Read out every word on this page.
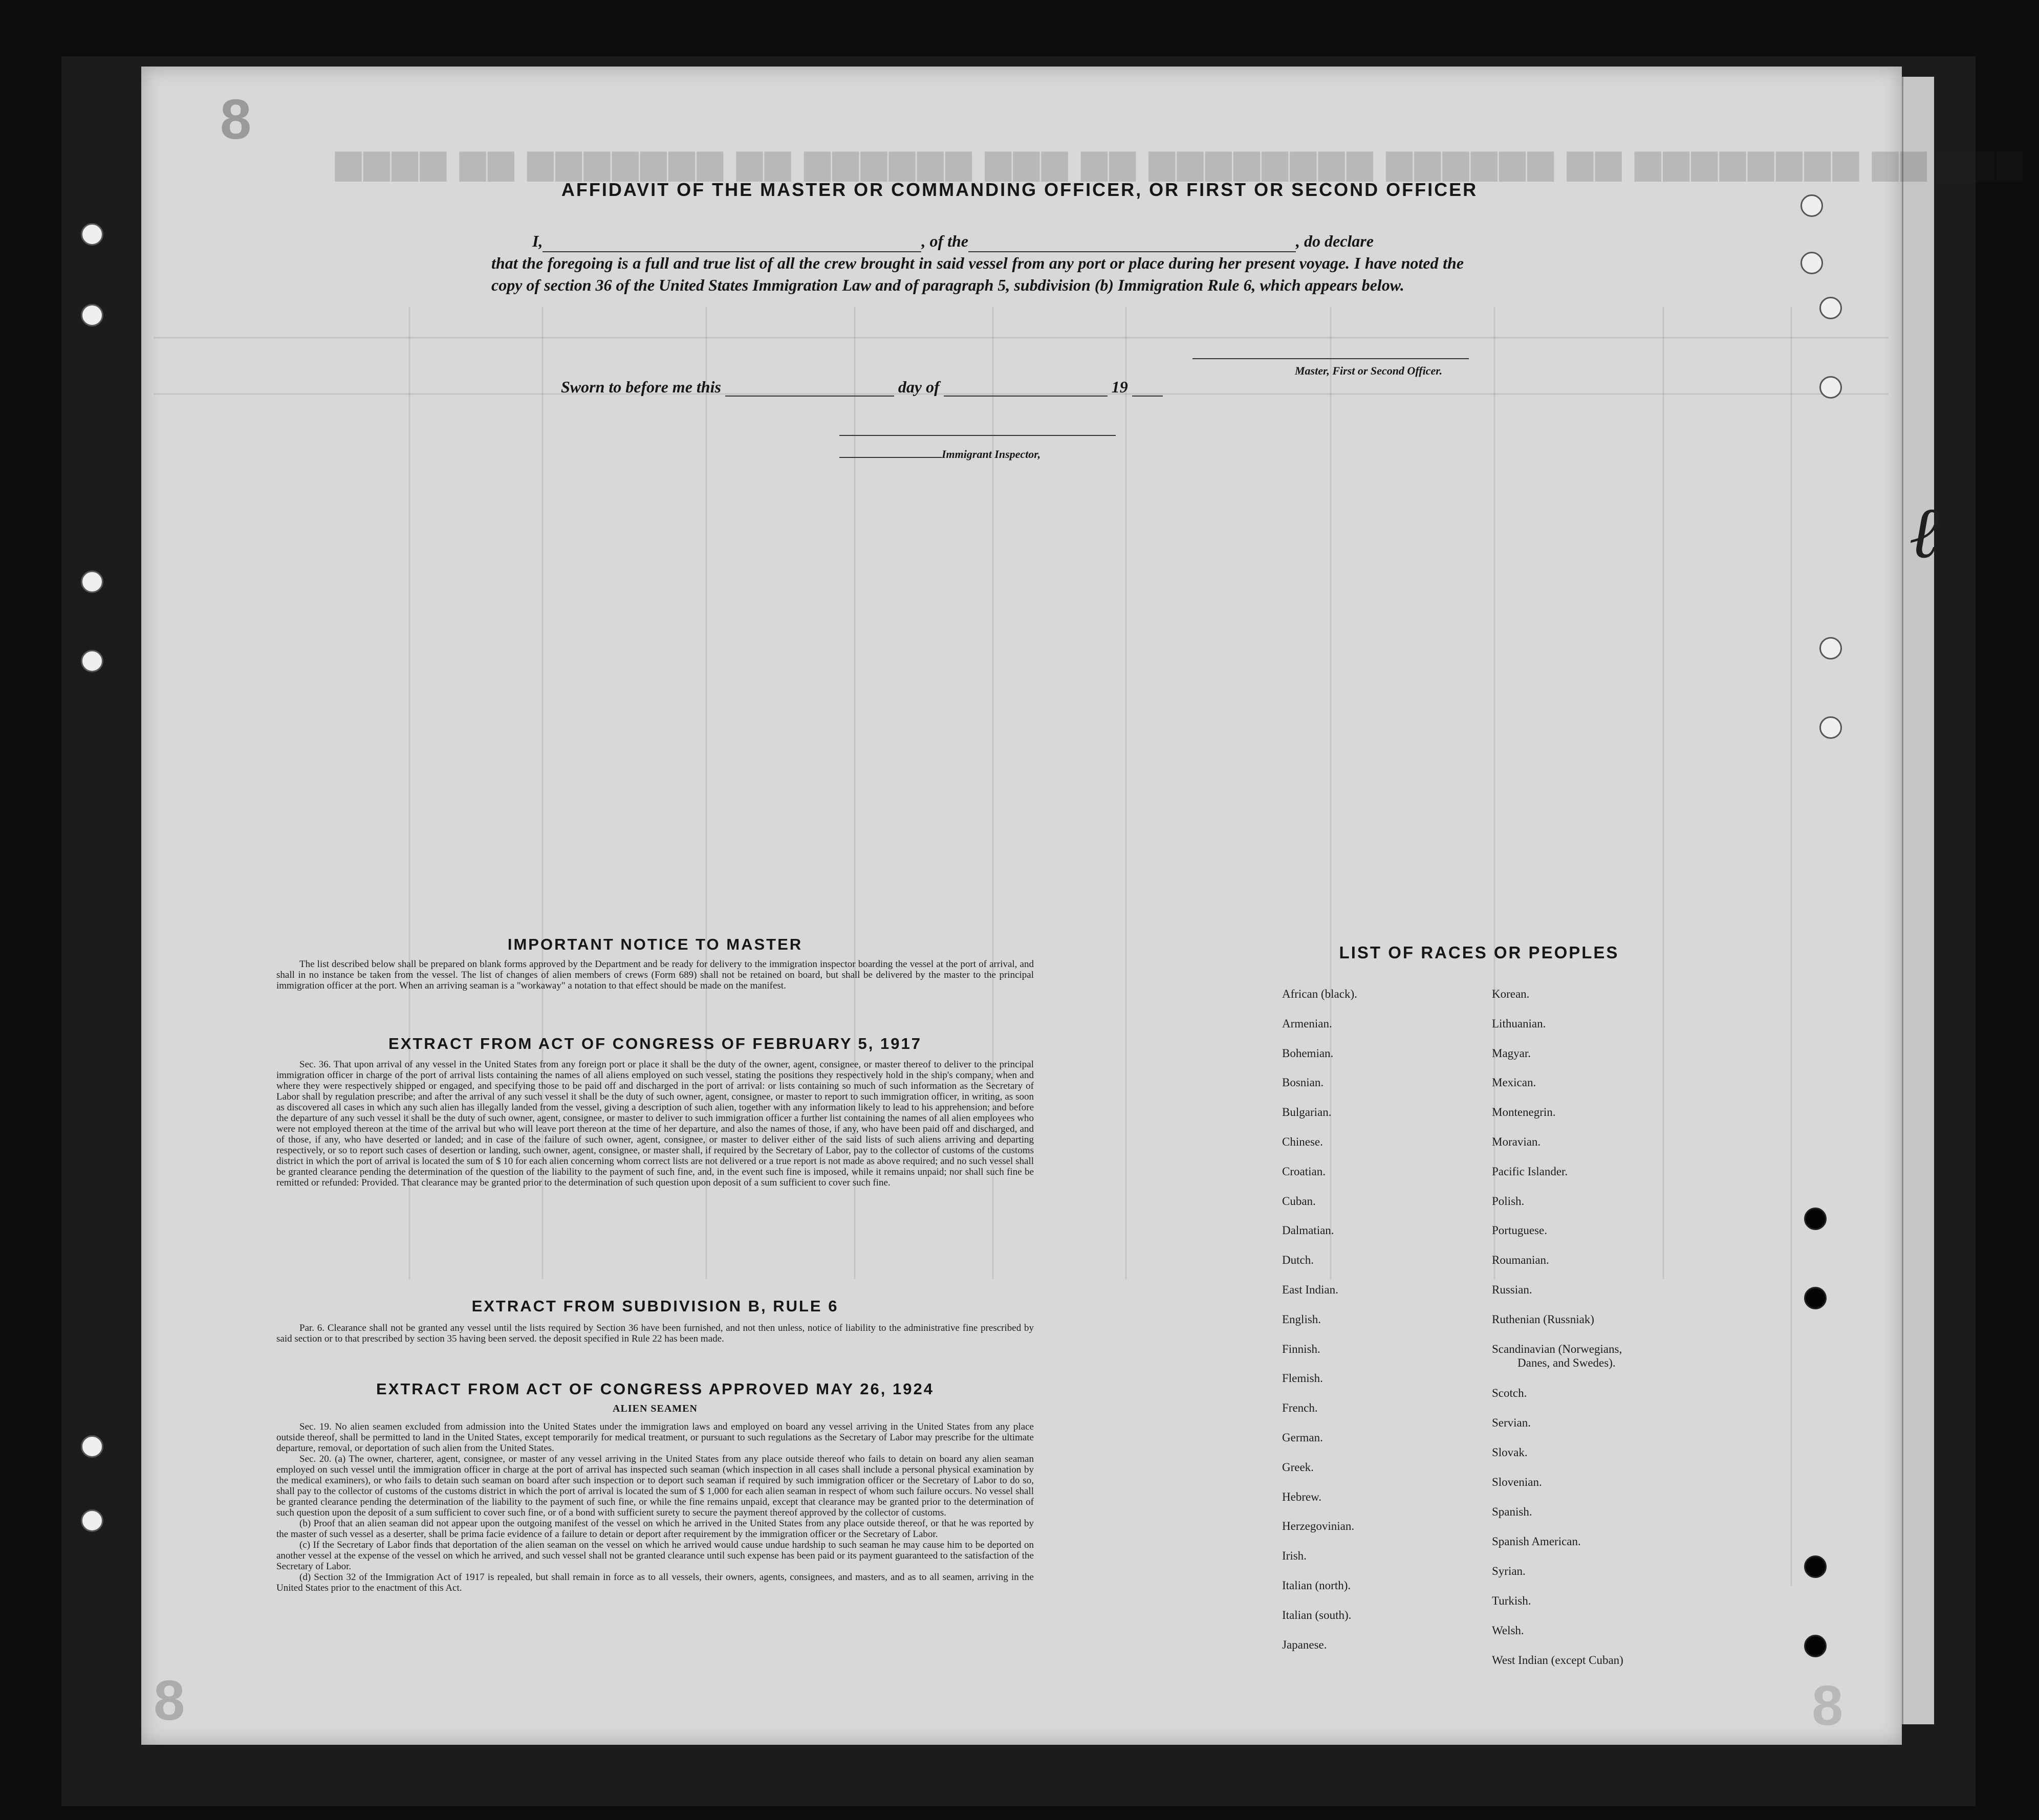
▆▆▆ ▆▆ ▆▆▆▆▆▆▆▆ ▆▆ ▆▆▆▆▆▆ ▆▆▆▆▆▆▆▆ ▆▆ ▆▆▆ ▆▆▆▆▆▆ ▆▆ ▆▆▆▆▆▆▆ ▆▆ ▆▆▆▆
8
8	8
ℓ
AFFIDAVIT OF THE MASTER OR COMMANDING OFFICER, OR FIRST OR SECOND OFFICER
I,	, of the	, do declare
that the foregoing is a full and true list of all the crew brought in said vessel from any port or place during her present voyage. I have noted the copy of section 36 of the United States Immigration Law and of paragraph 5, subdivision (b) Immigration Rule 6, which appears below.
Master, First or Second Officer.
Sworn to before me this	day of	19
Immigrant Inspector,
IMPORTANT NOTICE TO MASTER

The list described below shall be prepared on blank forms approved by the Department and be ready for delivery to the immigration inspector boarding the vessel at the port of arrival, and shall in no instance be taken from the vessel. The list of changes of alien members of crews (Form 689) shall not be retained on board, but shall be delivered by the master to the principal immigration officer at the port. When an arriving seaman is a "workaway" a notation to that effect should be made on the manifest.

EXTRACT FROM ACT OF CONGRESS OF FEBRUARY 5, 1917

Sec. 36. That upon arrival of any vessel in the United States from any foreign port or place it shall be the duty of the owner, agent, consignee, or master thereof to deliver to the principal immigration officer in charge of the port of arrival lists containing the names of all aliens employed on such vessel, stating the positions they respectively hold in the ship's company, when and where they were respectively shipped or engaged, and specifying those to be paid off and discharged in the port of arrival: or lists containing so much of such information as the Secretary of Labor shall by regulation prescribe; and after the arrival of any such vessel it shall be the duty of such owner, agent, consignee, or master to report to such immigration officer, in writing, as soon as discovered all cases in which any such alien has illegally landed from the vessel, giving a description of such alien, together with any information likely to lead to his apprehension; and before the departure of any such vessel it shall be the duty of such owner, agent, consignee, or master to deliver to such immigration officer a further list containing the names of all alien employees who were not employed thereon at the time of the arrival but who will leave port thereon at the time of her departure, and also the names of those, if any, who have been paid off and discharged, and of those, if any, who have deserted or landed; and in case of the failure of such owner, agent, consignee, or master to deliver either of the said lists of such aliens arriving and departing respectively, or so to report such cases of desertion or landing, such owner, agent, consignee, or master shall, if required by the Secretary of Labor, pay to the collector of customs of the customs district in which the port of arrival is located the sum of $ 10 for each alien concerning whom correct lists are not delivered or a true report is not made as above required; and no such vessel shall be granted clearance pending the determination of the question of the liability to the payment of such fine, and, in the event such fine is imposed, while it remains unpaid; nor shall such fine be remitted or refunded: Provided. That clearance may be granted prior to the determination of such question upon deposit of a sum sufficient to cover such fine.

EXTRACT FROM SUBDIVISION B, RULE 6

Par. 6. Clearance shall not be granted any vessel until the lists required by Section 36 have been furnished, and not then unless, notice of liability to the administrative fine prescribed by said section or to that prescribed by section 35 having been served. the deposit specified in Rule 22 has been made.

EXTRACT FROM ACT OF CONGRESS APPROVED MAY 26, 1924
ALIEN SEAMEN

Sec. 19. No alien seamen excluded from admission into the United States under the immigration laws and employed on board any vessel arriving in the United States from any place outside thereof, shall be permitted to land in the United States, except temporarily for medical treatment, or pursuant to such regulations as the Secretary of Labor may prescribe for the ultimate departure, removal, or deportation of such alien from the United States.

Sec. 20. (a) The owner, charterer, agent, consignee, or master of any vessel arriving in the United States from any place outside thereof who fails to detain on board any alien seaman employed on such vessel until the immigration officer in charge at the port of arrival has inspected such seaman (which inspection in all cases shall include a personal physical examination by the medical examiners), or who fails to detain such seaman on board after such inspection or to deport such seaman if required by such immigration officer or the Secretary of Labor to do so, shall pay to the collector of customs of the customs district in which the port of arrival is located the sum of $ 1,000 for each alien seaman in respect of whom such failure occurs. No vessel shall be granted clearance pending the determination of the liability to the payment of such fine, or while the fine remains unpaid, except that clearance may be granted prior to the determination of such question upon the deposit of a sum sufficient to cover such fine, or of a bond with sufficient surety to secure the payment thereof approved by the collector of customs.

(b) Proof that an alien seaman did not appear upon the outgoing manifest of the vessel on which he arrived in the United States from any place outside thereof, or that he was reported by the master of such vessel as a deserter, shall be prima facie evidence of a failure to detain or deport after requirement by the immigration officer or the Secretary of Labor.

(c) If the Secretary of Labor finds that deportation of the alien seaman on the vessel on which he arrived would cause undue hardship to such seaman he may cause him to be deported on another vessel at the expense of the vessel on which he arrived, and such vessel shall not be granted clearance until such expense has been paid or its payment guaranteed to the satisfaction of the Secretary of Labor.

(d) Section 32 of the Immigration Act of 1917 is repealed, but shall remain in force as to all vessels, their owners, agents, consignees, and masters, and as to all seamen, arriving in the United States prior to the enactment of this Act.

LIST OF RACES OR PEOPLES
African (black).
Armenian.
Bohemian.
Bosnian.
Bulgarian.
Chinese.
Croatian.
Cuban.
Dalmatian.
Dutch.
East Indian.
English.
Finnish.
Flemish.
French.
German.
Greek.
Hebrew.
Herzegovinian.
Irish.
Italian (north).
Italian (south).
Japanese.
Korean.
Lithuanian.
Magyar.
Mexican.
Montenegrin.
Moravian.
Pacific Islander.
Polish.
Portuguese.
Roumanian.
Russian.
Ruthenian (Russniak)
Scandinavian (Norwegians,
Danes, and Swedes).
Scotch.
Servian.
Slovak.
Slovenian.
Spanish.
Spanish American.
Syrian.
Turkish.
Welsh.
West Indian (except Cuban)
